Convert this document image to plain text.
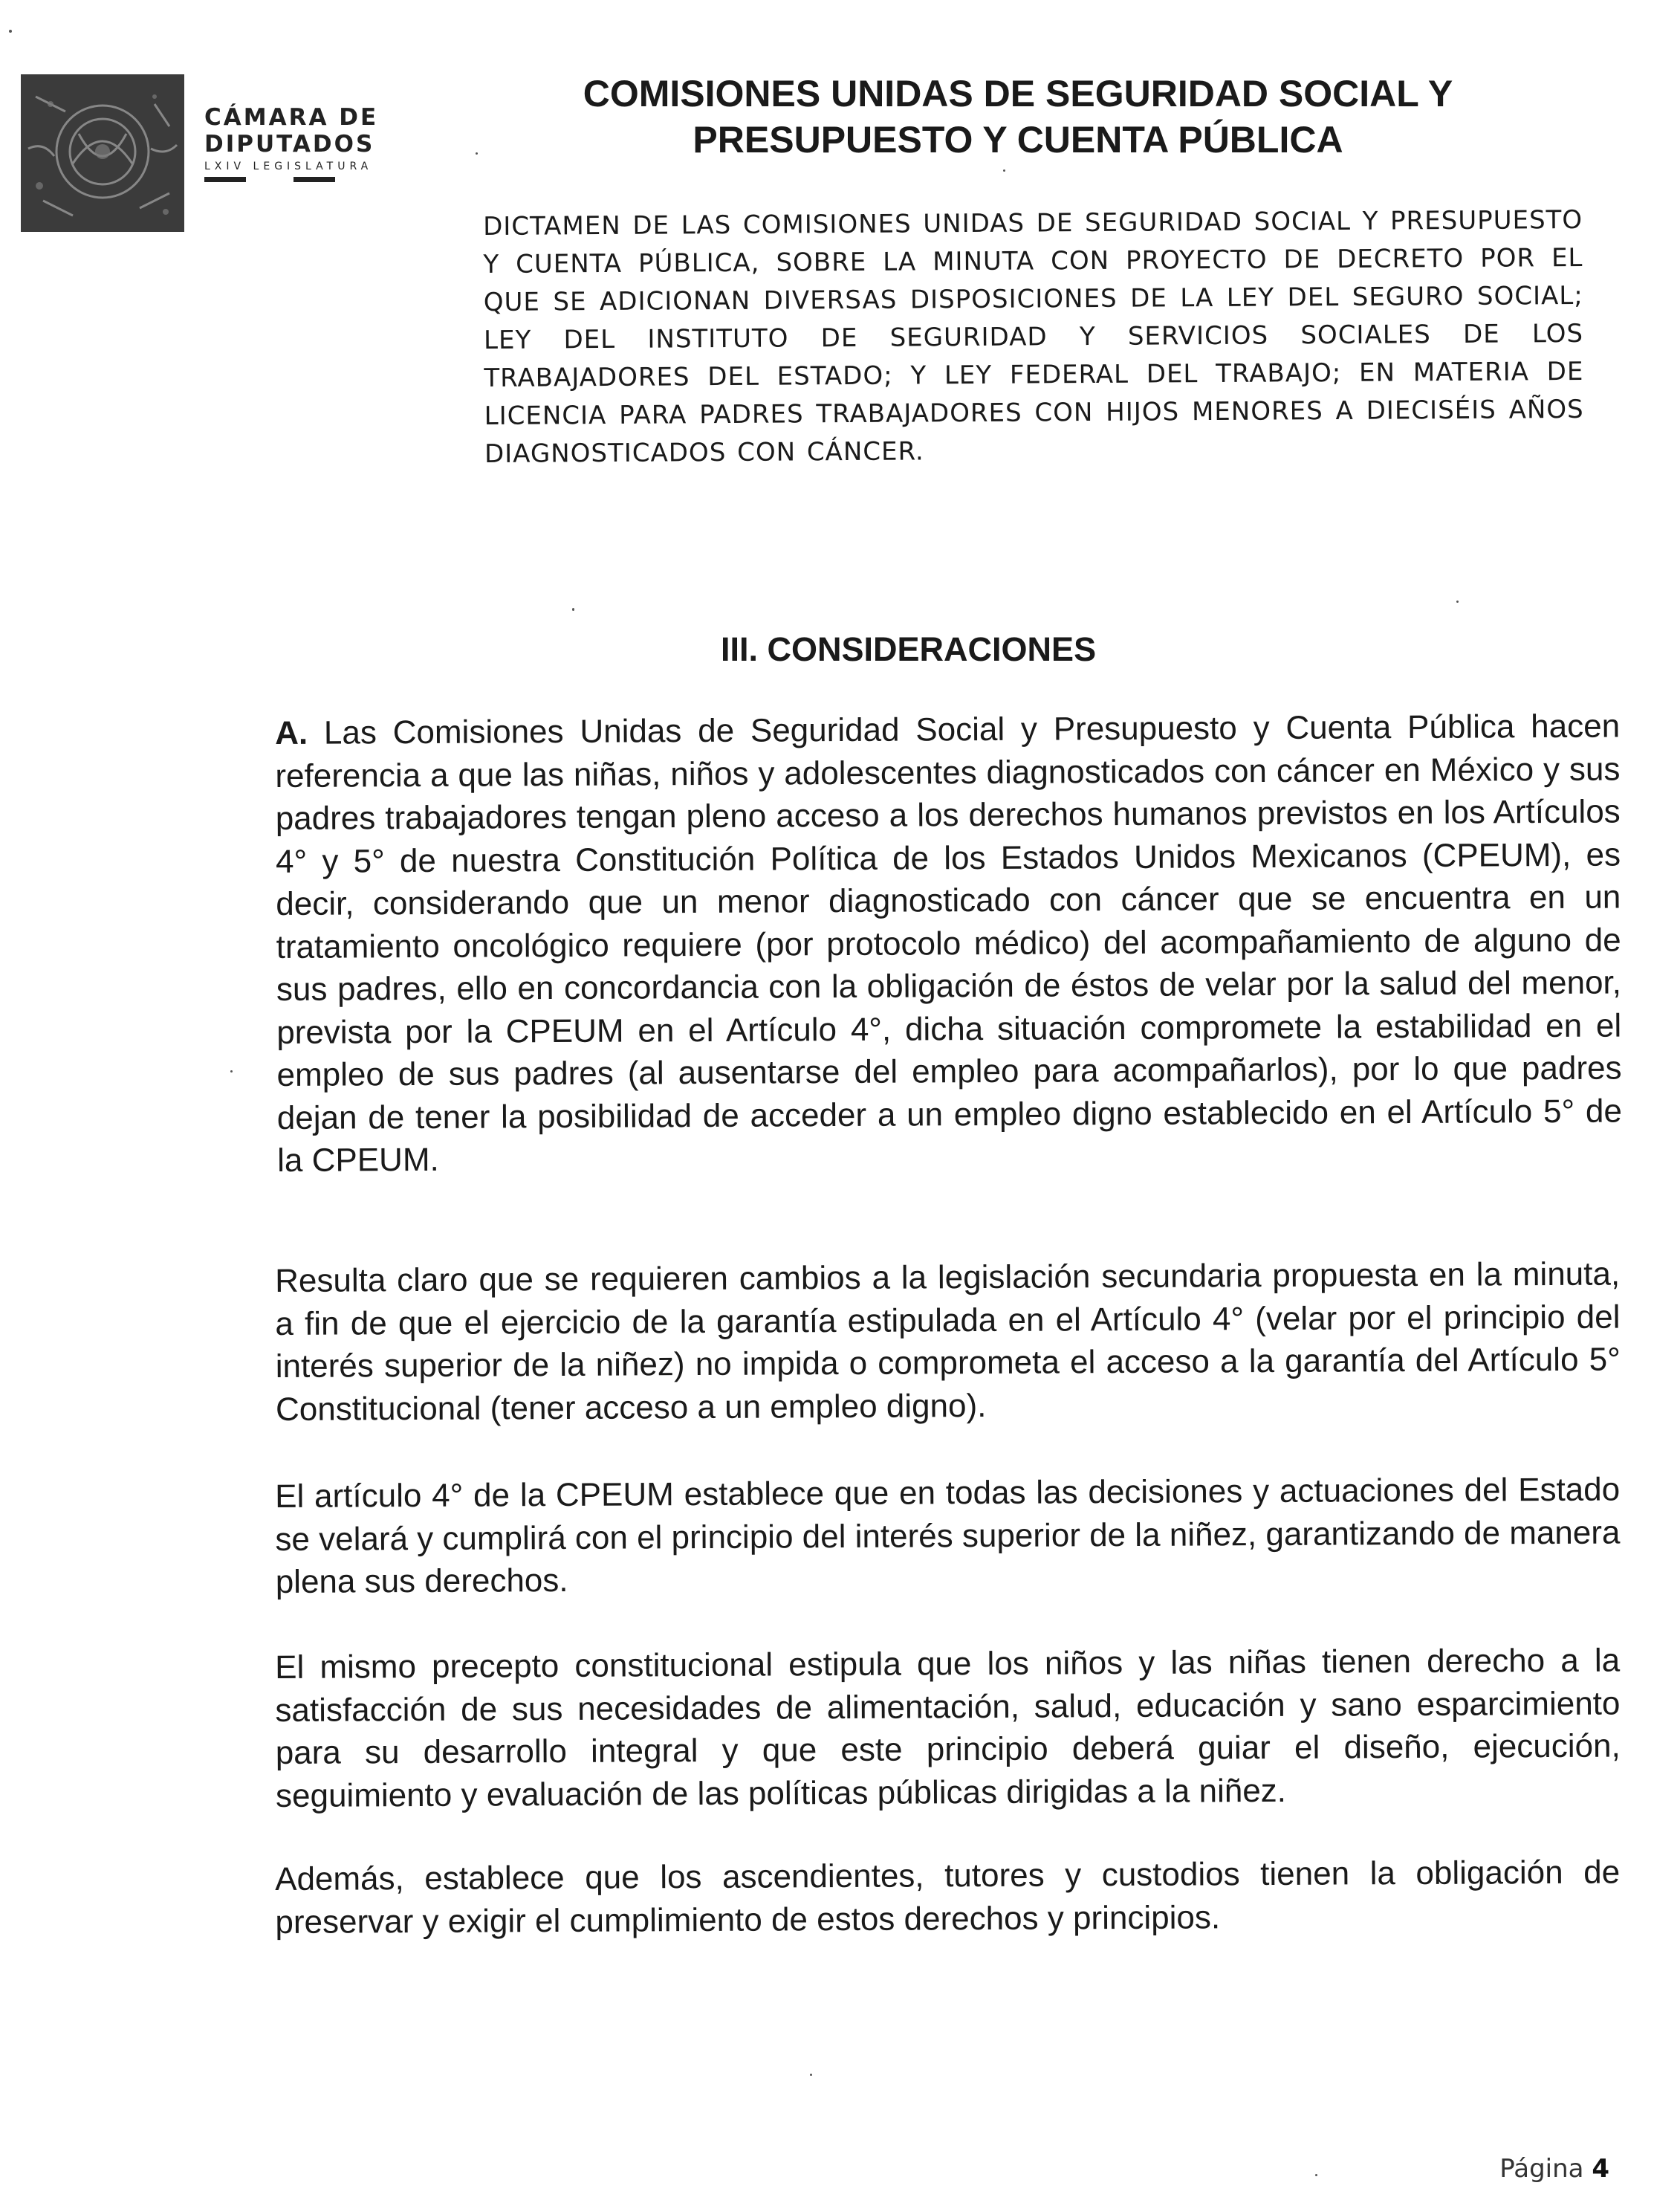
CÁMARA DE
DIPUTADOS
LXIV LEGISLATURA
COMISIONES UNIDAS DE SEGURIDAD SOCIAL Y
PRESUPUESTO Y CUENTA PÚBLICA
DICTAMEN DE LAS COMISIONES UNIDAS DE SEGURIDAD SOCIAL Y PRESUPUESTO Y CUENTA PÚBLICA, SOBRE LA MINUTA CON PROYECTO DE DECRETO POR EL QUE SE ADICIONAN DIVERSAS DISPOSICIONES DE LA LEY DEL SEGURO SOCIAL; LEY DEL INSTITUTO DE SEGURIDAD Y SERVICIOS SOCIALES DE LOS TRABAJADORES DEL ESTADO; Y LEY FEDERAL DEL TRABAJO; EN MATERIA DE LICENCIA PARA PADRES TRABAJADORES CON HIJOS MENORES A DIECISÉIS AÑOS DIAGNOSTICADOS CON CÁNCER.
III. CONSIDERACIONES
A. Las Comisiones Unidas de Seguridad Social y Presupuesto y Cuenta Pública hacen referencia a que las niñas, niños y adolescentes diagnosticados con cáncer en México y sus padres trabajadores tengan pleno acceso a los derechos humanos previstos en los Artículos 4° y 5° de nuestra Constitución Política de los Estados Unidos Mexicanos (CPEUM), es decir, considerando que un menor diagnosticado con cáncer que se encuentra en un tratamiento oncológico requiere (por protocolo médico) del acompañamiento de alguno de sus padres, ello en concordancia con la obligación de éstos de velar por la salud del menor, prevista por la CPEUM en el Artículo 4°, dicha situación compromete la estabilidad en el empleo de sus padres (al ausentarse del empleo para acompañarlos), por lo que padres dejan de tener la posibilidad de acceder a un empleo digno establecido en el Artículo 5° de la CPEUM.
Resulta claro que se requieren cambios a la legislación secundaria propuesta en la minuta, a fin de que el ejercicio de la garantía estipulada en el Artículo 4° (velar por el principio del interés superior de la niñez) no impida o comprometa el acceso a la garantía del Artículo 5° Constitucional (tener acceso a un empleo digno).
El artículo 4° de la CPEUM establece que en todas las decisiones y actuaciones del Estado se velará y cumplirá con el principio del interés superior de la niñez, garantizando de manera plena sus derechos.
El mismo precepto constitucional estipula que los niños y las niñas tienen derecho a la satisfacción de sus necesidades de alimentación, salud, educación y sano esparcimiento para su desarrollo integral y que este principio deberá guiar el diseño, ejecución, seguimiento y evaluación de las políticas públicas dirigidas a la niñez.
Además, establece que los ascendientes, tutores y custodios tienen la obligación de preservar y exigir el cumplimiento de estos derechos y principios.
Página 4
